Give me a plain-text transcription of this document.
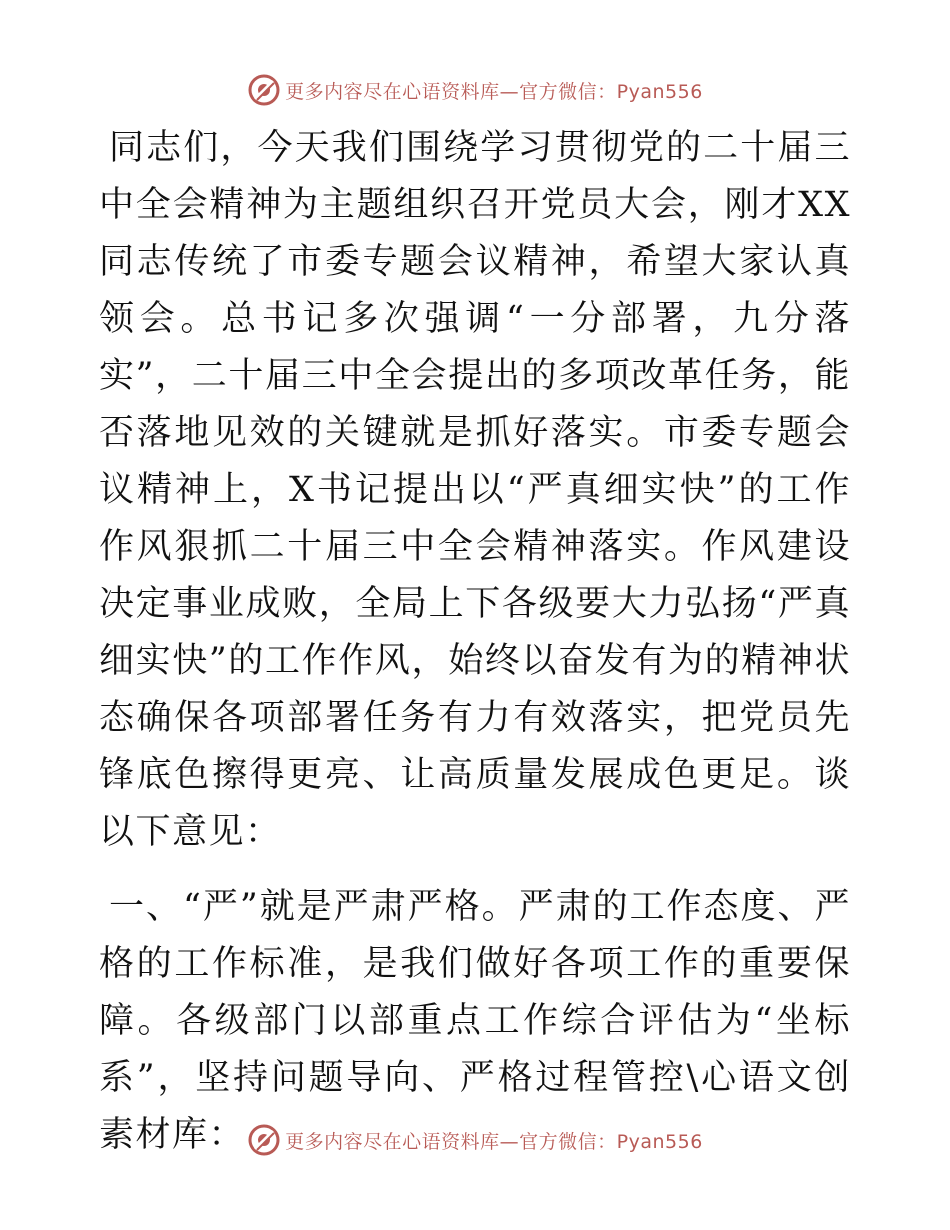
更多内容尽在心语资料库—官方微信：Pyan556

同志们，今天我们围绕学习贯彻党的二十届三中全会精神为主题组织召开党员大会，刚才XX同志传统了市委专题会议精神，希望大家认真领会。总书记多次强调“一分部署，九分落实”，二十届三中全会提出的多项改革任务，能否落地见效的关键就是抓好落实。市委专题会议精神上，X书记提出以“严真细实快”的工作作风狠抓二十届三中全会精神落实。作风建设决定事业成败，全局上下各级要大力弘扬“严真细实快”的工作作风，始终以奋发有为的精神状态确保各项部署任务有力有效落实，把党员先锋底色擦得更亮、让高质量发展成色更足。谈以下意见：

一、“严”就是严肃严格。严肃的工作态度、严格的工作标准，是我们做好各项工作的重要保障。各级部门以部重点工作综合评估为“坐标系”，坚持问题导向、严格过程管控\心语文创素材库：	更多内容尽在心语资料库—官方微信：Pyan556
